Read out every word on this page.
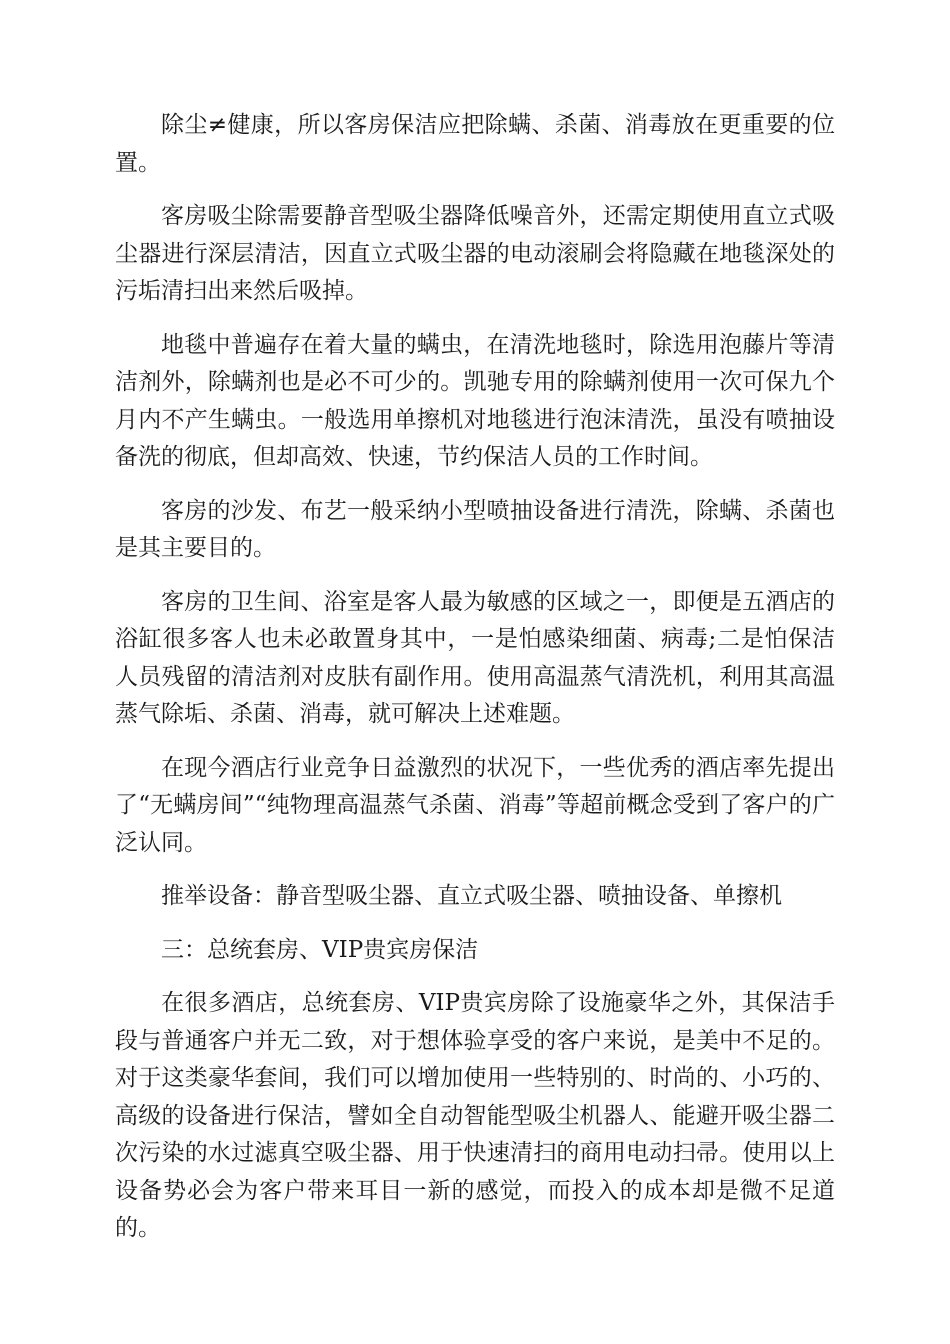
除尘≠健康，所以客房保洁应把除螨、杀菌、消毒放在更重要的位置。

客房吸尘除需要静音型吸尘器降低噪音外，还需定期使用直立式吸尘器进行深层清洁，因直立式吸尘器的电动滚刷会将隐藏在地毯深处的污垢清扫出来然后吸掉。

地毯中普遍存在着大量的螨虫，在清洗地毯时，除选用泡藤片等清洁剂外，除螨剂也是必不可少的。凯驰专用的除螨剂使用一次可保九个月内不产生螨虫。一般选用单擦机对地毯进行泡沫清洗，虽没有喷抽设备洗的彻底，但却高效、快速，节约保洁人员的工作时间。

客房的沙发、布艺一般采纳小型喷抽设备进行清洗，除螨、杀菌也是其主要目的。

客房的卫生间、浴室是客人最为敏感的区域之一，即便是五酒店的浴缸很多客人也未必敢置身其中，一是怕感染细菌、病毒;二是怕保洁人员残留的清洁剂对皮肤有副作用。使用高温蒸气清洗机，利用其高温蒸气除垢、杀菌、消毒，就可解决上述难题。

在现今酒店行业竞争日益激烈的状况下，一些优秀的酒店率先提出了“无螨房间”“纯物理高温蒸气杀菌、消毒”等超前概念受到了客户的广泛认同。

推举设备：静音型吸尘器、直立式吸尘器、喷抽设备、单擦机

三：总统套房、VIP贵宾房保洁

在很多酒店，总统套房、VIP贵宾房除了设施豪华之外，其保洁手段与普通客户并无二致，对于想体验享受的客户来说，是美中不足的。对于这类豪华套间，我们可以增加使用一些特别的、时尚的、小巧的、高级的设备进行保洁，譬如全自动智能型吸尘机器人、能避开吸尘器二次污染的水过滤真空吸尘器、用于快速清扫的商用电动扫帚。使用以上设备势必会为客户带来耳目一新的感觉，而投入的成本却是微不足道的。
